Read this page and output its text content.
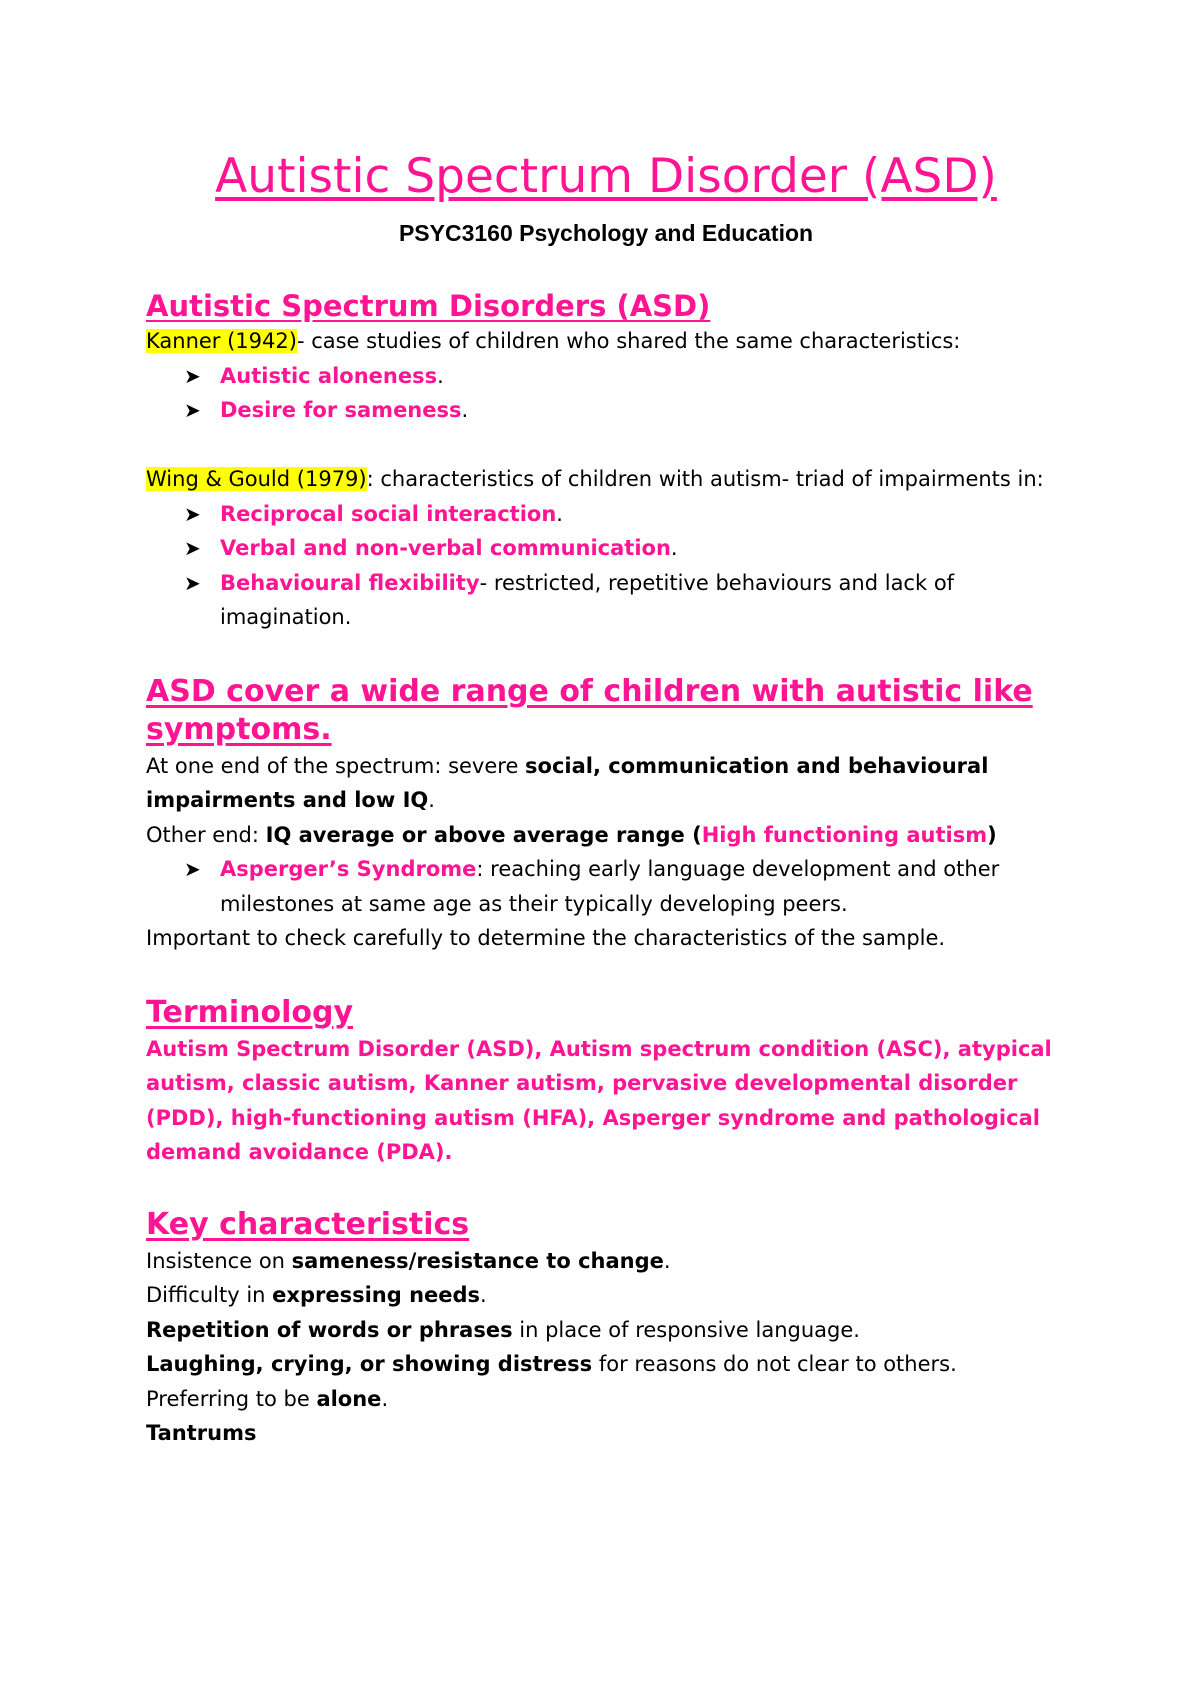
Autistic Spectrum Disorder (ASD)

PSYC3160 Psychology and Education

Autistic Spectrum Disorders (ASD)

Kanner (1942)- case studies of children who shared the same characteristics:

➤ Autistic aloneness.
➤ Desire for sameness.

Wing & Gould (1979): characteristics of children with autism- triad of impairments in:

➤ Reciprocal social interaction.
➤ Verbal and non-verbal communication.
➤ Behavioural flexibility- restricted, repetitive behaviours and lack of imagination.
ASD cover a wide range of children with autistic like symptoms.

At one end of the spectrum: severe social, communication and behavioural impairments and low IQ.

Other end: IQ average or above average range (High functioning autism)

➤ Asperger’s Syndrome: reaching early language development and other milestones at same age as their typically developing peers.

Important to check carefully to determine the characteristics of the sample.

Terminology

Autism Spectrum Disorder (ASD), Autism spectrum condition (ASC), atypical autism, classic autism, Kanner autism, pervasive developmental disorder (PDD), high-functioning autism (HFA), Asperger syndrome and pathological demand avoidance (PDA).

Key characteristics

Insistence on sameness/resistance to change.

Difficulty in expressing needs.

Repetition of words or phrases in place of responsive language.

Laughing, crying, or showing distress for reasons do not clear to others.

Preferring to be alone.

Tantrums
